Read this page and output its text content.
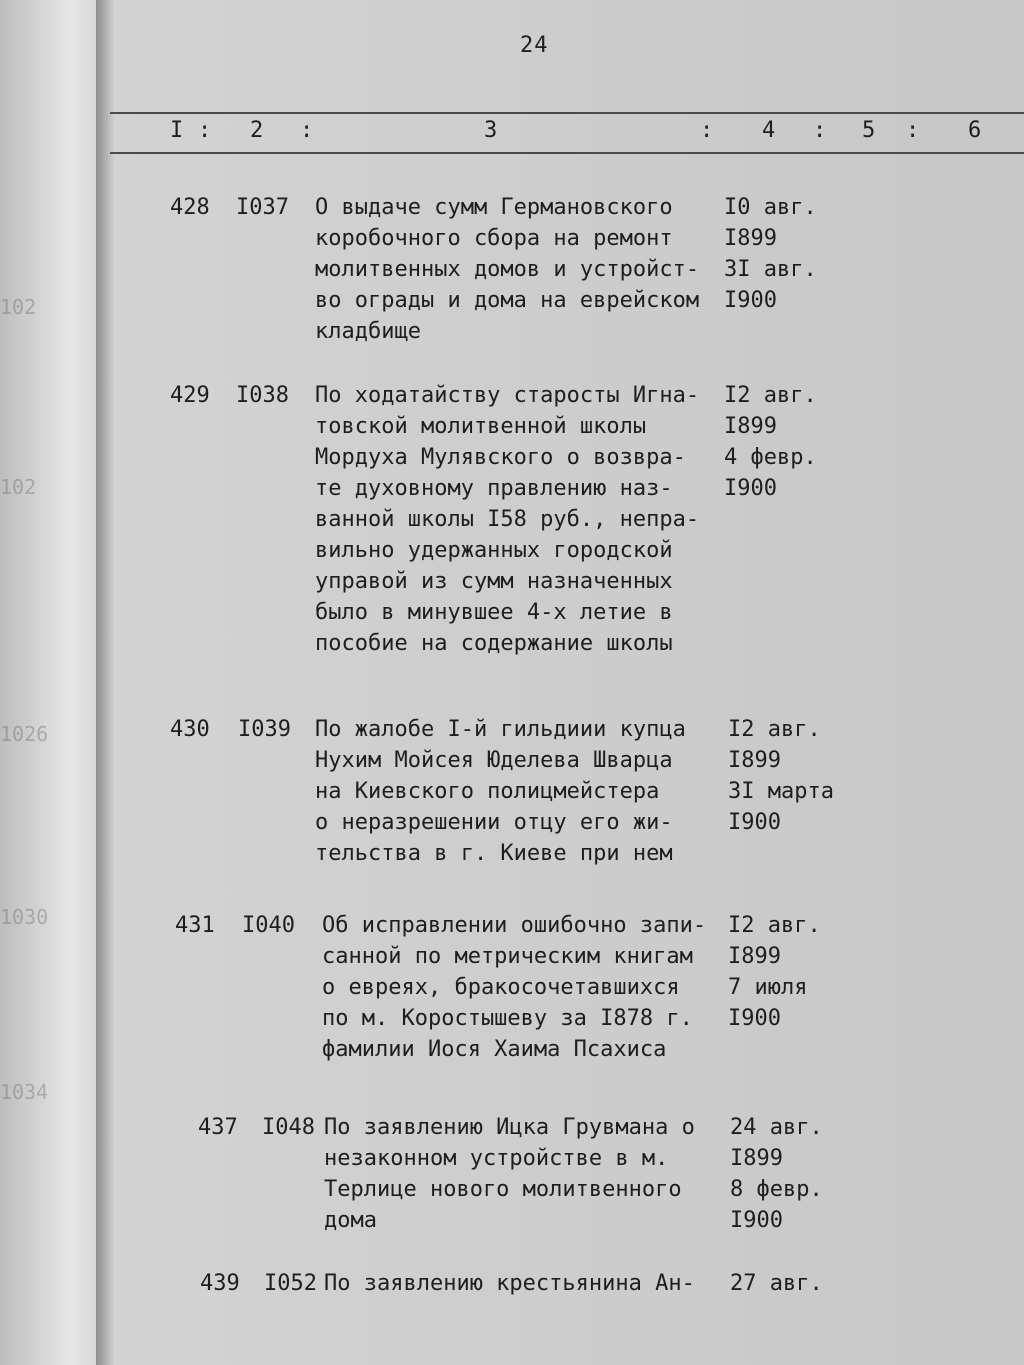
102
102
1026
1030
1034
24
I : 2 :	3	: 4 : 5 : 6
428 I037 О выдаче сумм Германовского
коробочного сбора на ремонт
молитвенных домов и устройст-
во ограды и дома на еврейском
кладбище
I0 авг.
I899
3I авг.
I900
429 I038 По ходатайству старосты Игна-
товской молитвенной школы
Мордуха Мулявского о возвра-
те духовному правлению наз-
ванной школы I58 руб., непра-
вильно удержанных городской
управой из сумм назначенных
было в минувшее 4-х летие в
пособие на содержание школы
I2 авг.
I899
4 февр.
I900
430 I039 По жалобе I-й гильдиии купца
Нухим Мойсея Юделева Шварца
на Киевского полицмейстера
о неразрешении отцу его жи-
тельства в г. Киеве при нем
I2 авг.
I899
3I марта
I900
431 I040 Об исправлении ошибочно запи-
санной по метрическим книгам
о евреях, бракосочетавшихся
по м. Коростышеву за I878 г.
фамилии Иося Хаима Псахиса
I2 авг.
I899
7 июля
I900
437 I048 По заявлению Ицка Грувмана о
незаконном устройстве в м.
Терлице нового молитвенного
дома
24 авг.
I899
8 февр.
I900
439 I052 По заявлению крестьянина Ан- 27 авг.
